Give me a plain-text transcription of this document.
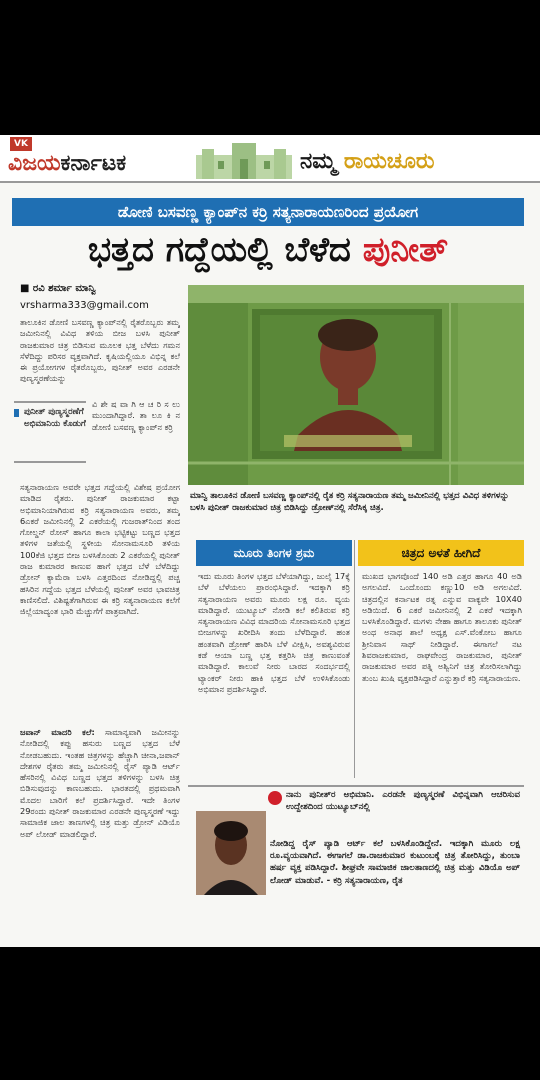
VK
ವಿಜಯಕರ್ನಾಟಕ	ನಮ್ಮ ರಾಯಚೂರು
ಡೋಣಿ ಬಸವಣ್ಣ ಕ್ಯಾಂಪ್‌ನ ಕರ್ರಿ ಸತ್ಯನಾರಾಯಣರಿಂದ ಪ್ರಯೋಗ
ಭತ್ತದ ಗದ್ದೆಯಲ್ಲಿ ಬೆಳೆದ ಪುನೀತ್
■ ರವಿ ಶರ್ಮಾ ಮಾನ್ವಿ
vrsharma333@gmail.com
ತಾಲೂಕಿನ ಡೋಣಿ ಬಸವಣ್ಣ ಕ್ಯಾಂಪ್‌ನಲ್ಲಿ ರೈತರೊಬ್ಬರು ತಮ್ಮ ಜಮೀನಿನಲ್ಲಿ ವಿವಿಧ ತಳಿಯ ಬೀಜ ಬಳಸಿ ಪುನೀತ್ ರಾಜಕುಮಾರ ಚಿತ್ರ ಬಿಡಿಸುವ ಮೂಲಕ ಭತ್ತ ಬೆಳೆದು ಗಮನ ಸೆಳೆದಿದ್ದು ಪರಿಸರ ವ್ಯಕ್ತವಾಗಿದೆ. ಕೃಷಿಯಲ್ಲಿಯೂ ವಿಭಿನ್ನ ಕಲೆ ಈ ಪ್ರಯೋಗಗಳ ರೈತರೊಬ್ಬರು, ಪುನೀತ್ ಅವರ ಎರಡನೇ ಪುಣ್ಯಸ್ಮರಣೆಯನ್ನು
ಪುನೀತ್ ಪುಣ್ಯಸ್ಮರಣೆಗೆ ಅಭಿಮಾನಿಯ ಕೊಡುಗೆ
ವಿ ಶೇ ಷ ವಾ ಗಿ ಆ ಚ ರಿ ಸ ಲು ಮುಂದಾಗಿದ್ದಾರೆ. ತಾ ಲೂ ಕಿ ನ ಡೋಣಿ ಬಸವಣ್ಣ ಕ್ಯಾಂಪ್‌ನ ಕರ್ರಿ
ಸತ್ಯನಾರಾಯಣ ಅವರೇ ಭತ್ತದ ಗದ್ದೆಯಲ್ಲಿ ವಿಶೇಷ ಪ್ರಯೋಗ ಮಾಡಿದ ರೈತರು. ಪುನೀತ್ ರಾಜಕುಮಾರ ಕಟ್ಟಾ ಅಭಿಮಾನಿಯಾಗಿರುವ ಕರ್ರಿ ಸತ್ಯನಾರಾಯಣ ಅವರು, ತಮ್ಮ 6ಎಕರೆ ಜಮೀನಿನಲ್ಲಿ 2 ಎಕರೆಯಲ್ಲಿ ಗುಜರಾತ್‌ನಿಂದ ತಂದ ಗೋಲ್ಡನ್ ರೋಸ್ ಹಾಗೂ ಕಾಲಾ ಭಟ್ಟಿಕಟ್ಟು ಬಣ್ಣದ ಭತ್ತದ ತಳಿಗಳ ಜತೆಯಲ್ಲಿ ಸ್ಥಳೀಯ ಸೋನಾಮಸೂರಿ ತಳಿಯ 100ಕೆಜಿ ಭತ್ತದ ಬೀಜ ಬಳಸಿಕೊಂಡು 2 ಎಕರೆಯಲ್ಲಿ ಪುನೀತ್ ರಾಜ ಕುಮಾರರ ಕಾಣುವ ಹಾಗೆ ಭತ್ತದ ಬೆಳೆ ಬೆಳೆದಿದ್ದು ಡ್ರೋನ್ ಕ್ಯಾಮೆರಾ ಬಳಸಿ ಎತ್ತರದಿಂದ ನೋಡಿದ್ದಲ್ಲಿ ಪಚ್ಚ ಹಸಿರಿನ ಗದ್ದೆಯ ಭತ್ತದ ಬೆಳೆಯಲ್ಲಿ ಪುನೀತ್ ಅವರ ಭಾವಚಿತ್ರ ಕಾಣಿಸಲಿದೆ. ವಿಶಿಷ್ಟತೆಗಾಗಿರುವ ಈ ಕರ್ರಿ ಸತ್ಯನಾರಾಯಣ ಕಲೆಗೆ ಜಿಲ್ಲೆಯಾದ್ಯಂತ ಭಾರಿ ಮೆಚ್ಚುಗೆಗೆ ಪಾತ್ರವಾಗಿದೆ.
ಜವಾನ್ ಮಾದರಿ ಕಲೆ: ಸಾಮಾನ್ಯವಾಗಿ ಜಮೀನನ್ನು ನೋಡಿದಲ್ಲಿ ಕಪ್ಪು ಹಸುರು ಬಣ್ಣದ ಭತ್ತದ ಬೆಳೆ ನೋಡಬಹುದು. ಇಂತಹ ಚಿತ್ರಗಳನ್ನು ಹೆಚ್ಚಾಗಿ ಚೀನಾ,ಜಪಾನ್ ದೇಶಗಳ ರೈತರು ತಮ್ಮ ಜಮೀನಿನಲ್ಲಿ ರೈಸ್ ಪ್ಯಾಡಿ ಆರ್ಟ್ ಹೆಸರಿನಲ್ಲಿ ವಿವಿಧ ಬಣ್ಣದ ಭತ್ತದ ತಳಿಗಳನ್ನು ಬಳಸಿ ಚಿತ್ರ ಬಿಡಿಸುವುದನ್ನು ಕಾಣಬಹುದು. ಭಾರತದಲ್ಲಿ ಪ್ರಥಮವಾಗಿ ಮೊದಲ ಬಾರಿಗೆ ಕಲೆ ಪ್ರದರ್ಶಿಸಿದ್ದಾರೆ. ಇದೇ ತಿಂಗಳ 29ರಂದು ಪುನೀತ್ ರಾಜಕುಮಾರ ಎರಡನೇ ಪುಣ್ಯಸ್ಮರಣೆ ಇದ್ದು ಸಾಮಾಜಿಕ ಜಾಲ ತಾಣಗಳಲ್ಲಿ ಚಿತ್ರ ಮತ್ತು ಡ್ರೋನ್ ವಿಡಿಯೊ ಅಪ್ ಲೋಡ್ ಮಾಡಲಿದ್ದಾರೆ.
ಮಾನ್ವಿ ತಾಲೂಕಿನ ಡೋಣಿ ಬಸವಣ್ಣ ಕ್ಯಾಂಪ್‌ನಲ್ಲಿ ರೈತ ಕರ್ರಿ ಸತ್ಯನಾರಾಯಣ ತಮ್ಮ ಜಮೀನಿನಲ್ಲಿ ಭತ್ತದ ವಿವಿಧ ತಳಿಗಳನ್ನು ಬಳಸಿ ಪುನೀತ್ ರಾಜಕುಮಾರ ಚಿತ್ರ ಬಿಡಿಸಿದ್ದು ಡ್ರೋಣ್‌ನಲ್ಲಿ ಸೆರೆಸಿಕ್ಕ ಚಿತ್ರ.
ಮೂರು ತಿಂಗಳ ಶ್ರಮ	ಚಿತ್ರದ ಅಳತೆ ಹೀಗಿದೆ
ಇದು ಮೂರು ತಿಂಗಳ ಭತ್ತದ ಬೆಳೆಯಾಗಿದ್ದು, ಜುಲೈ 17ಕ್ಕೆ ಬೆಳೆ ಬೆಳೆಯಲು ಪ್ರಾರಂಭಿಸಿದ್ದಾರೆ. ಇದಕ್ಕಾಗಿ ಕರ್ರಿ ಸತ್ಯನಾರಾಯಣ ಅವರು ಮೂರು ಲಕ್ಷ ರೂ. ವ್ಯಯ ಮಾಡಿದ್ದಾರೆ. ಯುಟ್ಯೂಬ್ ನೋಡಿ ಕಲೆ ಕಲಿತಿರುವ ಕರ್ರಿ ಸತ್ಯನಾರಾಯಣ ವಿವಿಧ ಮಾದರಿಯ ಸೋನಾಮಸೂರಿ ಭತ್ತದ ಬೀಜಗಳನ್ನು ಖರೀದಿಸಿ ತಂದು ಬೆಳೆದಿದ್ದಾರೆ. ಹಂತ ಹಂತವಾಗಿ ಡ್ರೋಣ್ ಹಾರಿಸಿ ಬೆಳೆ ವೀಕ್ಷಿಸಿ, ಅವಶ್ಯವಿರುವ ಕಡೆ ಆಯಾ ಬಣ್ಣ ಭತ್ತ ಕತ್ತರಿಸಿ ಚಿತ್ರ ಕಾಣುವಂತೆ ಮಾಡಿದ್ದಾರೆ. ಕಾಲುವೆ ನೀರು ಬಾರದ ಸಂದರ್ಭದಲ್ಲಿ ಟ್ಯಾಂಕರ್ ನೀರು ಹಾಕಿ ಭತ್ತದ ಬೆಳೆ ಉಳಿಸಿಕೊಂಡು ಅಭಿಮಾನ ಪ್ರದರ್ಶಿಸಿದ್ದಾರೆ.
ಮುಖದ ಭಾಗವೊಂದೆ 140 ಅಡಿ ಎತ್ತರ ಹಾಗೂ 40 ಅಡಿ ಅಗಲವಿದೆ. ಒಂದೊಂದು ಕಣ್ಣು10 ಅಡಿ ಅಗಲವಿದೆ. ಚಿತ್ರದಲ್ಲಿನ ಕರ್ನಾಟಕ ರತ್ನ ಎನ್ನುವ ವಾಕ್ಯವೇ 10X40 ಅಡಿಯಿದೆ. 6 ಎಕರೆ ಜಮೀನಿನಲ್ಲಿ 2 ಎಕರೆ ಇದಕ್ಕಾಗಿ ಬಳಸಿಕೊಂಡಿದ್ದಾರೆ. ಮಗಳು ನೇಹಾ ಹಾಗೂ ತಾಲೂಕು ಪುನೀತ್ ಅಂಧ ಅನಾಥ ಶಾಲೆ ಅಧ್ಯಕ್ಷ ಎಸ್.ವೆಂಕೋಬ ಹಾಗೂ ಶ್ರೀನಿವಾಸ ಸಾಥ್ ನೀಡಿದ್ದಾರೆ. ಈಗಾಗಲೆ ನಟ ಶಿವರಾಜಕುಮಾರ, ರಾಘವೇಂದ್ರ ರಾಜಕುಮಾರ, ಪುನೀತ್ ರಾಜಕುಮಾರ ಅವರ ಪತ್ನಿ ಅಶ್ವಿನಿಗೆ ಚಿತ್ರ ತೋರಿಸಲಾಗಿದ್ದು ತುಂಬ ಖುಷಿ ವ್ಯಕ್ತಪಡಿಸಿದ್ದಾರೆ ಎನ್ನುತ್ತಾರೆ ಕರ್ರಿ ಸತ್ಯನಾರಾಯಣ.
ನಾನು ಪುನೀತ್‌ರ ಅಭಿಮಾನಿ. ಎರಡನೇ ಪುಣ್ಯಸ್ಮರಣೆ ವಿಭಿನ್ನವಾಗಿ ಆಚರಿಸುವ ಉದ್ದೇಶದಿಂದ ಯುಟ್ಯೂಬ್‌ನಲ್ಲಿ
ನೋಡಿದ್ದ ರೈಸ್ ಪ್ಯಾಡಿ ಆರ್ಟ್ ಕಲೆ ಬಳಸಿಕೊಂಡಿದ್ದೇನೆ. ಇದಕ್ಕಾಗಿ ಮೂರು ಲಕ್ಷ ರೂ.ವ್ಯಯವಾಗಿದೆ. ಈಗಾಗಲೆ ಡಾ.ರಾಜಕುಮಾರ ಕುಟುಂಬಕ್ಕೆ ಚಿತ್ರ ತೋರಿಸಿದ್ದು, ತುಂಬಾ ಹರ್ಷ ವ್ಯಕ್ತ ಪಡಿಸಿದ್ದಾರೆ. ಶೀಘ್ರವೇ ಸಾಮಾಜಿಕ ಜಾಲತಾಣದಲ್ಲಿ ಚಿತ್ರ ಮತ್ತು ವಿಡಿಯೊ ಅಪ್ ಲೋಡ್ ಮಾಡುವೆ. - ಕರ್ರಿ ಸತ್ಯನಾರಾಯಣ, ರೈತ
